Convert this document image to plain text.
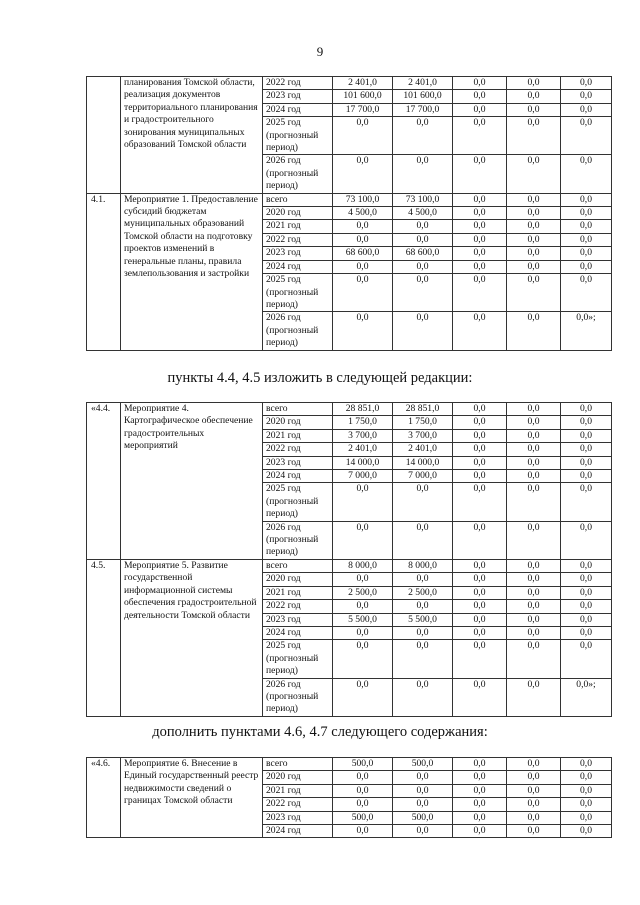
9
	планирования Томской области, реализация документов территориального планирования и градостроительного зонирования муниципальных образований Томской области	2022 год	2 401,0	2 401,0	0,0	0,0	0,0
		2023 год	101 600,0	101 600,0	0,0	0,0	0,0
		2024 год	17 700,0	17 700,0	0,0	0,0	0,0
		2025 год (прогнозный период)	0,0	0,0	0,0	0,0	0,0
		2026 год (прогнозный период)	0,0	0,0	0,0	0,0	0,0
4.1.	Мероприятие 1. Предоставление субсидий бюджетам муниципальных образований Томской области на подготовку проектов изменений в генеральные планы, правила землепользования и застройки	всего	73 100,0	73 100,0	0,0	0,0	0,0
		2020 год	4 500,0	4 500,0	0,0	0,0	0,0
		2021 год	0,0	0,0	0,0	0,0	0,0
		2022 год	0,0	0,0	0,0	0,0	0,0
		2023 год	68 600,0	68 600,0	0,0	0,0	0,0
		2024 год	0,0	0,0	0,0	0,0	0,0
		2025 год (прогнозный период)	0,0	0,0	0,0	0,0	0,0
		2026 год (прогнозный период)	0,0	0,0	0,0	0,0	0,0»;
пункты 4.4, 4.5 изложить в следующей редакции:
«4.4.	Мероприятие 4. Картографическое обеспечение градостроительных мероприятий	всего	28 851,0	28 851,0	0,0	0,0	0,0
		2020 год	1 750,0	1 750,0	0,0	0,0	0,0
		2021 год	3 700,0	3 700,0	0,0	0,0	0,0
		2022 год	2 401,0	2 401,0	0,0	0,0	0,0
		2023 год	14 000,0	14 000,0	0,0	0,0	0,0
		2024 год	7 000,0	7 000,0	0,0	0,0	0,0
		2025 год (прогнозный период)	0,0	0,0	0,0	0,0	0,0
		2026 год (прогнозный период)	0,0	0,0	0,0	0,0	0,0
4.5.	Мероприятие 5. Развитие государственной информационной системы обеспечения градостроительной деятельности Томской области	всего	8 000,0	8 000,0	0,0	0,0	0,0
		2020 год	0,0	0,0	0,0	0,0	0,0
		2021 год	2 500,0	2 500,0	0,0	0,0	0,0
		2022 год	0,0	0,0	0,0	0,0	0,0
		2023 год	5 500,0	5 500,0	0,0	0,0	0,0
		2024 год	0,0	0,0	0,0	0,0	0,0
		2025 год (прогнозный период)	0,0	0,0	0,0	0,0	0,0
		2026 год (прогнозный период)	0,0	0,0	0,0	0,0	0,0»;
дополнить пунктами 4.6, 4.7 следующего содержания:
«4.6.	Мероприятие 6. Внесение в Единый государственный реестр недвижимости сведений о границах Томской области	всего	500,0	500,0	0,0	0,0	0,0
		2020 год	0,0	0,0	0,0	0,0	0,0
		2021 год	0,0	0,0	0,0	0,0	0,0
		2022 год	0,0	0,0	0,0	0,0	0,0
		2023 год	500,0	500,0	0,0	0,0	0,0
		2024 год	0,0	0,0	0,0	0,0	0,0
